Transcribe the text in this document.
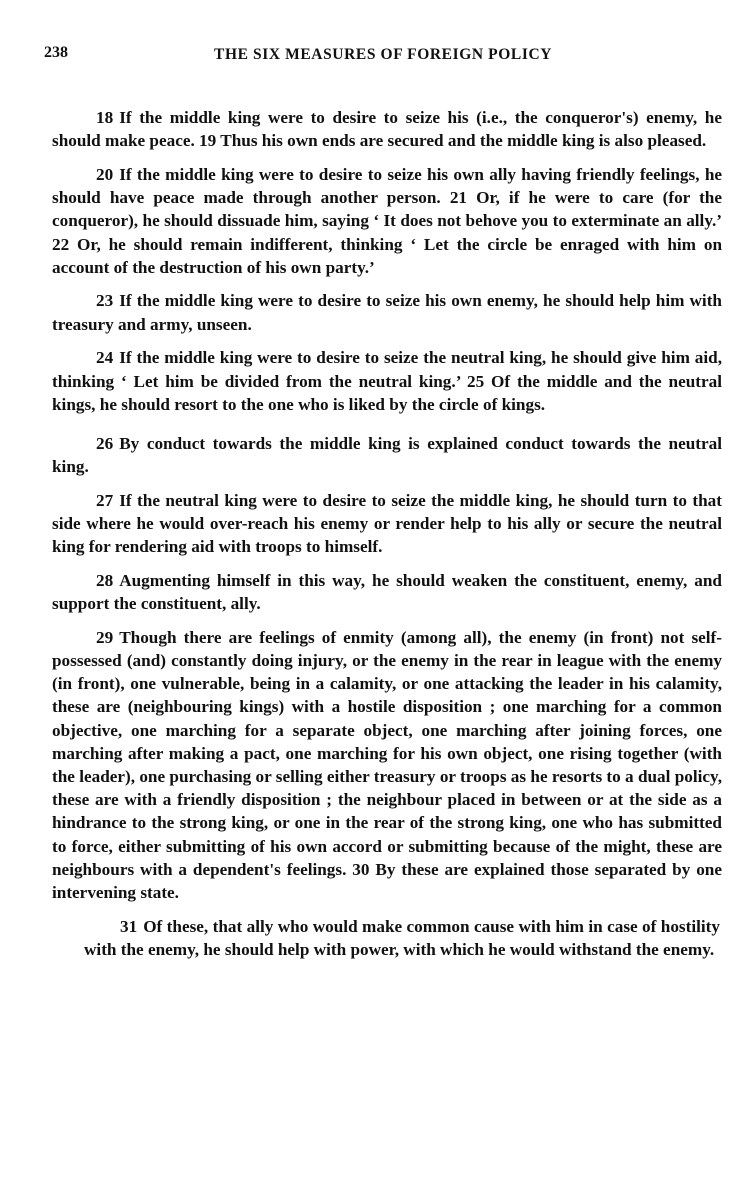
238	THE SIX MEASURES OF FOREIGN POLICY

18 If the middle king were to desire to seize his (i.e., the conqueror's) enemy, he should make peace. 19 Thus his own ends are secured and the middle king is also pleased.

20 If the middle king were to desire to seize his own ally having friendly feelings, he should have peace made through another person. 21 Or, if he were to care (for the conqueror), he should dissuade him, saying ‘ It does not behove you to exterminate an ally.’ 22 Or, he should remain indifferent, thinking ‘ Let the circle be enraged with him on account of the destruction of his own party.’

23 If the middle king were to desire to seize his own enemy, he should help him with treasury and army, unseen.

24 If the middle king were to desire to seize the neutral king, he should give him aid, thinking ‘ Let him be divided from the neutral king.’ 25 Of the middle and the neutral kings, he should resort to the one who is liked by the circle of kings.

26 By conduct towards the middle king is explained conduct towards the neutral king.

27 If the neutral king were to desire to seize the middle king, he should turn to that side where he would over-reach his enemy or render help to his ally or secure the neutral king for rendering aid with troops to himself.

28 Augmenting himself in this way, he should weaken the constituent, enemy, and support the constituent, ally.

29 Though there are feelings of enmity (among all), the enemy (in front) not self-possessed (and) constantly doing injury, or the enemy in the rear in league with the enemy (in front), one vulnerable, being in a calamity, or one attacking the leader in his calamity, these are (neighbouring kings) with a hostile disposition ; one marching for a common objective, one marching for a separate object, one marching after joining forces, one marching after making a pact, one marching for his own object, one rising together (with the leader), one purchasing or selling either treasury or troops as he resorts to a dual policy, these are with a friendly disposition ; the neighbour placed in between or at the side as a hindrance to the strong king, or one in the rear of the strong king, one who has submitted to force, either submitting of his own accord or submitting because of the might, these are neighbours with a dependent's feelings. 30 By these are explained those separated by one intervening state.

31 Of these, that ally who would make common cause with him in case of hostility with the enemy, he should help with power, with which he would withstand the enemy.
